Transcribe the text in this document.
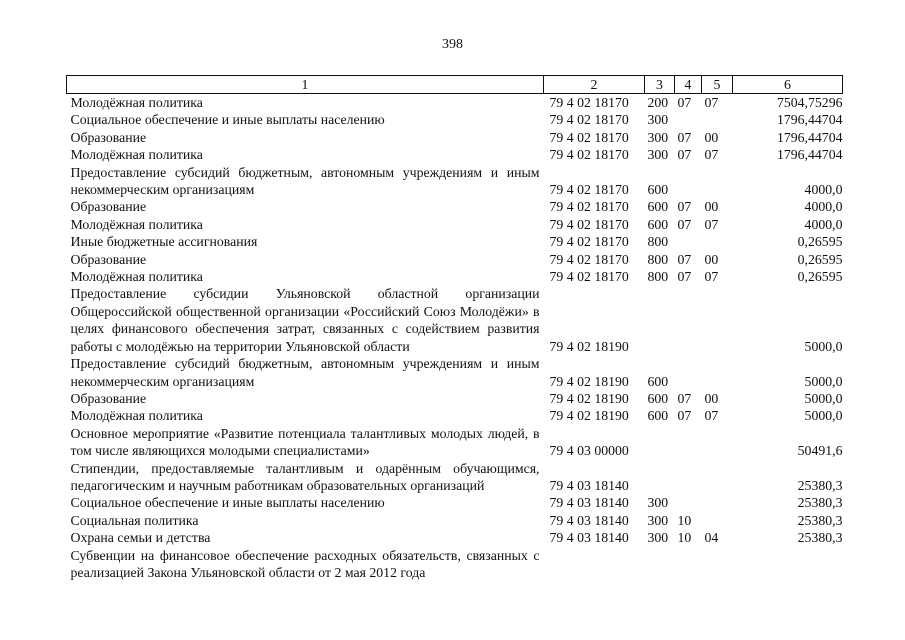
398
1	2	3	4	5	6
Молодёжная политика	79 4 02 18170	200	07	07	7504,75296
Социальное обеспечение и иные выплаты населению	79 4 02 18170	300			1796,44704
Образование	79 4 02 18170	300	07	00	1796,44704
Молодёжная политика	79 4 02 18170	300	07	07	1796,44704
Предоставление субсидий бюджетным, автономным учреждениям и иным некоммерческим организациям	79 4 02 18170	600			4000,0
Образование	79 4 02 18170	600	07	00	4000,0
Молодёжная политика	79 4 02 18170	600	07	07	4000,0
Иные бюджетные ассигнования	79 4 02 18170	800			0,26595
Образование	79 4 02 18170	800	07	00	0,26595
Молодёжная политика	79 4 02 18170	800	07	07	0,26595
Предоставление субсидии Ульяновской областной организации Общероссийской общественной организации «Российский Союз Молодёжи» в целях финансового обеспечения затрат, связанных с содействием развития работы с молодёжью на территории Ульяновской области	79 4 02 18190				5000,0
Предоставление субсидий бюджетным, автономным учреждениям и иным некоммерческим организациям	79 4 02 18190	600			5000,0
Образование	79 4 02 18190	600	07	00	5000,0
Молодёжная политика	79 4 02 18190	600	07	07	5000,0
Основное мероприятие «Развитие потенциала талантливых молодых людей, в том числе являющихся молодыми специалистами»	79 4 03 00000				50491,6
Стипендии, предоставляемые талантливым и одарённым обучающимся, педагогическим и научным работникам образовательных организаций	79 4 03 18140				25380,3
Социальное обеспечение и иные выплаты населению	79 4 03 18140	300			25380,3
Социальная политика	79 4 03 18140	300	10		25380,3
Охрана семьи и детства	79 4 03 18140	300	10	04	25380,3
Субвенции на финансовое обеспечение расходных обязательств, связанных с реализацией Закона Ульяновской области от 2 мая 2012 года					
